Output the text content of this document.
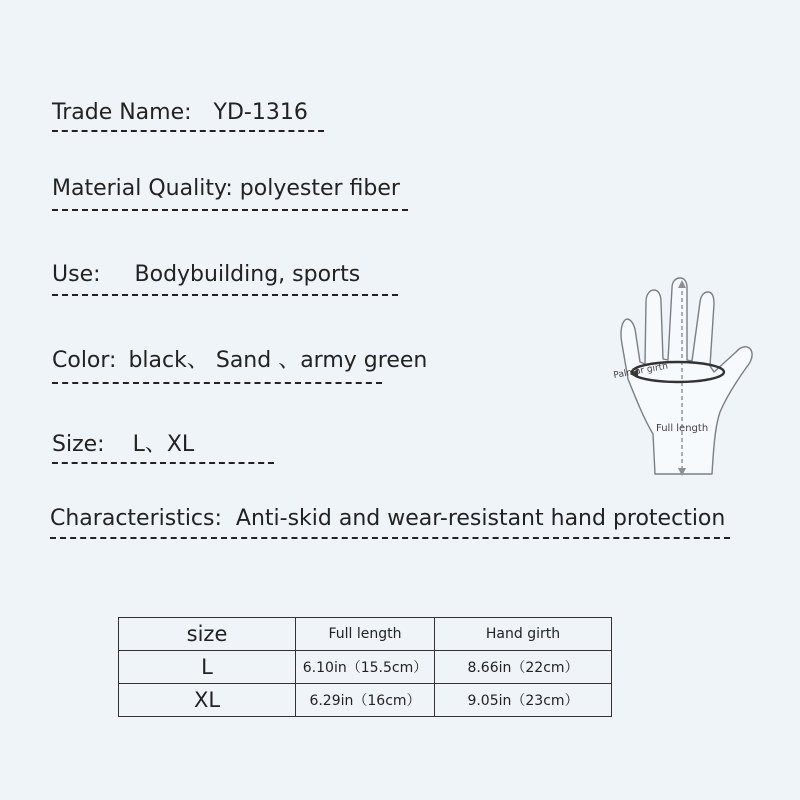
Trade Name: YD-1316
Material Quality: polyester fiber
Use: Bodybuilding, sports
Color: black、 Sand 、army green
Size: L、XL
Characteristics: Anti-skid and wear-resistant hand protection
Palmar girth
Full length
size	Full length	Hand girth
L	6.10in（15.5cm）	8.66in（22cm）
XL	6.29in（16cm）	9.05in（23cm）
